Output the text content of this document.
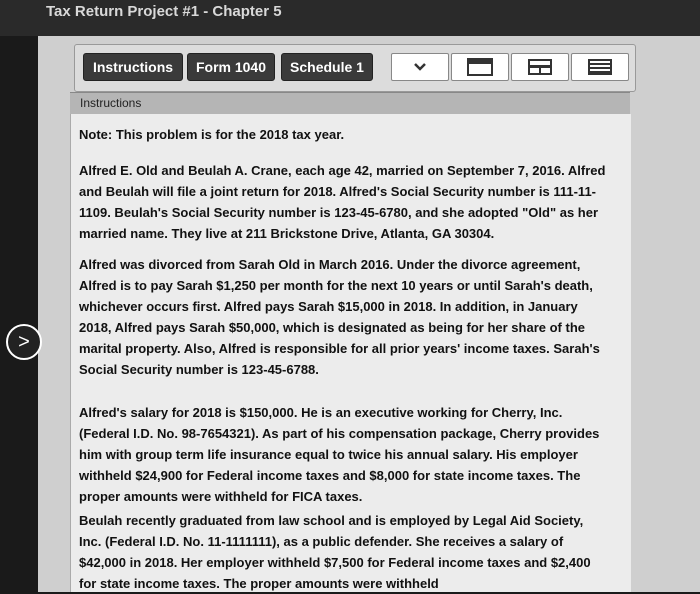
Tax Return Project #1 - Chapter 5
Instructions	Form 1040	Schedule 1
Instructions

Note: This problem is for the 2018 tax year.

Alfred E. Old and Beulah A. Crane, each age 42, married on September 7, 2016. Alfred and Beulah will file a joint return for 2018. Alfred's Social Security number is 111-11-1109. Beulah's Social Security number is 123-45-6780, and she adopted "Old" as her married name. They live at 211 Brickstone Drive, Atlanta, GA 30304.

Alfred was divorced from Sarah Old in March 2016. Under the divorce agreement, Alfred is to pay Sarah $1,250 per month for the next 10 years or until Sarah's death, whichever occurs first. Alfred pays Sarah $15,000 in 2018. In addition, in January 2018, Alfred pays Sarah $50,000, which is designated as being for her share of the marital property. Also, Alfred is responsible for all prior years' income taxes. Sarah's Social Security number is 123-45-6788.

Alfred's salary for 2018 is $150,000. He is an executive working for Cherry, Inc. (Federal I.D. No. 98-7654321). As part of his compensation package, Cherry provides him with group term life insurance equal to twice his annual salary. His employer withheld $24,900 for Federal income taxes and $8,000 for state income taxes. The proper amounts were withheld for FICA taxes.

Beulah recently graduated from law school and is employed by Legal Aid Society, Inc. (Federal I.D. No. 11-1111111), as a public defender. She receives a salary of $42,000 in 2018. Her employer withheld $7,500 for Federal income taxes and $2,400 for state income taxes. The proper amounts were withheld

>
